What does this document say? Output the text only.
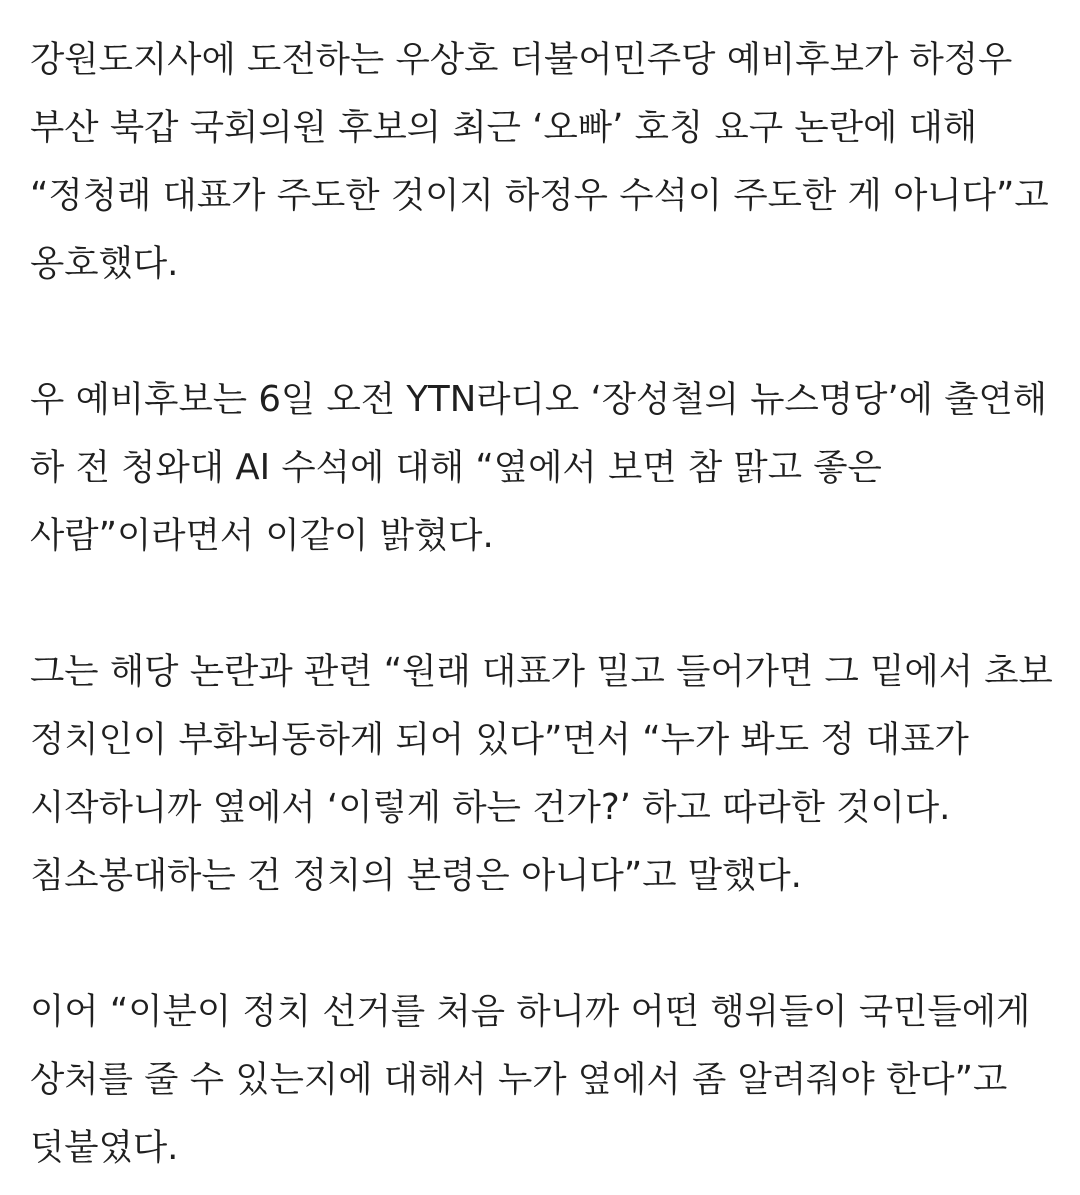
강원도지사에 도전하는 우상호 더불어민주당 예비후보가 하정우 부산 북갑 국회의원 후보의 최근 ‘오빠’ 호칭 요구 논란에 대해 “정청래 대표가 주도한 것이지 하정우 수석이 주도한 게 아니다”고 옹호했다.

우 예비후보는 6일 오전 YTN라디오 ‘장성철의 뉴스명당’에 출연해 하 전 청와대 AI 수석에 대해 “옆에서 보면 참 맑고 좋은 사람”이라면서 이같이 밝혔다.

그는 해당 논란과 관련 “원래 대표가 밀고 들어가면 그 밑에서 초보 정치인이 부화뇌동하게 되어 있다”면서 “누가 봐도 정 대표가 시작하니까 옆에서 ‘이렇게 하는 건가?’ 하고 따라한 것이다. 침소봉대하는 건 정치의 본령은 아니다”고 말했다.

이어 “이분이 정치 선거를 처음 하니까 어떤 행위들이 국민들에게 상처를 줄 수 있는지에 대해서 누가 옆에서 좀 알려줘야 한다”고 덧붙였다.
